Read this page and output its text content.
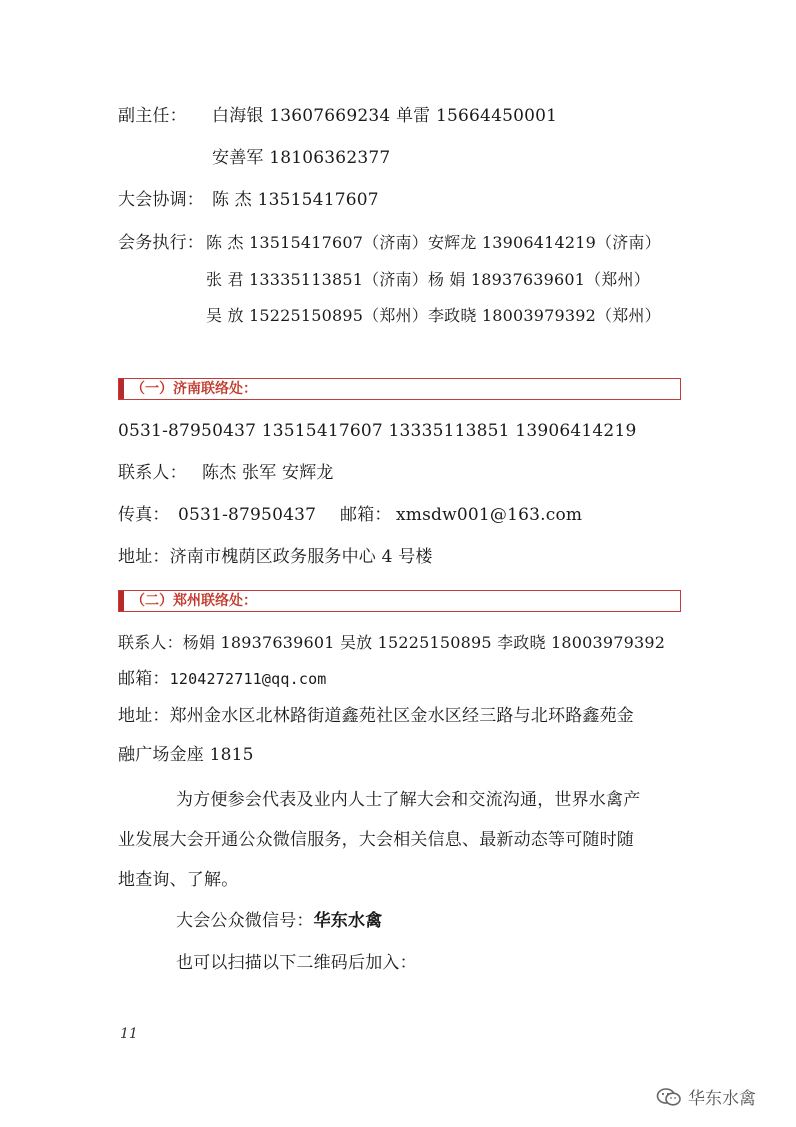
副主任： 白海银 13607669234 单雷 15664450001
安善军 18106362377
大会协调： 陈 杰 13515417607
会务执行： 陈 杰 13515417607（济南）安辉龙 13906414219（济南）
张 君 13335113851（济南）杨 娟 18937639601（郑州）
吴 放 15225150895（郑州）李政晓 18003979392（郑州）
（一）济南联络处：
0531-87950437 13515417607 13335113851 13906414219
联系人： 陈杰 张军 安辉龙
传真： 0531-87950437 邮箱： xmsdw001@163.com
地址：济南市槐荫区政务服务中心 4 号楼
（二）郑州联络处：
联系人：杨娟 18937639601 吴放 15225150895 李政晓 18003979392
邮箱：1204272711@qq.com
地址：郑州金水区北林路街道鑫苑社区金水区经三路与北环路鑫苑金
融广场金座 1815
为方便参会代表及业内人士了解大会和交流沟通，世界水禽产
业发展大会开通公众微信服务，大会相关信息、最新动态等可随时随
地查询、了解。
大会公众微信号：华东水禽
也可以扫描以下二维码后加入：
11
华东水禽
